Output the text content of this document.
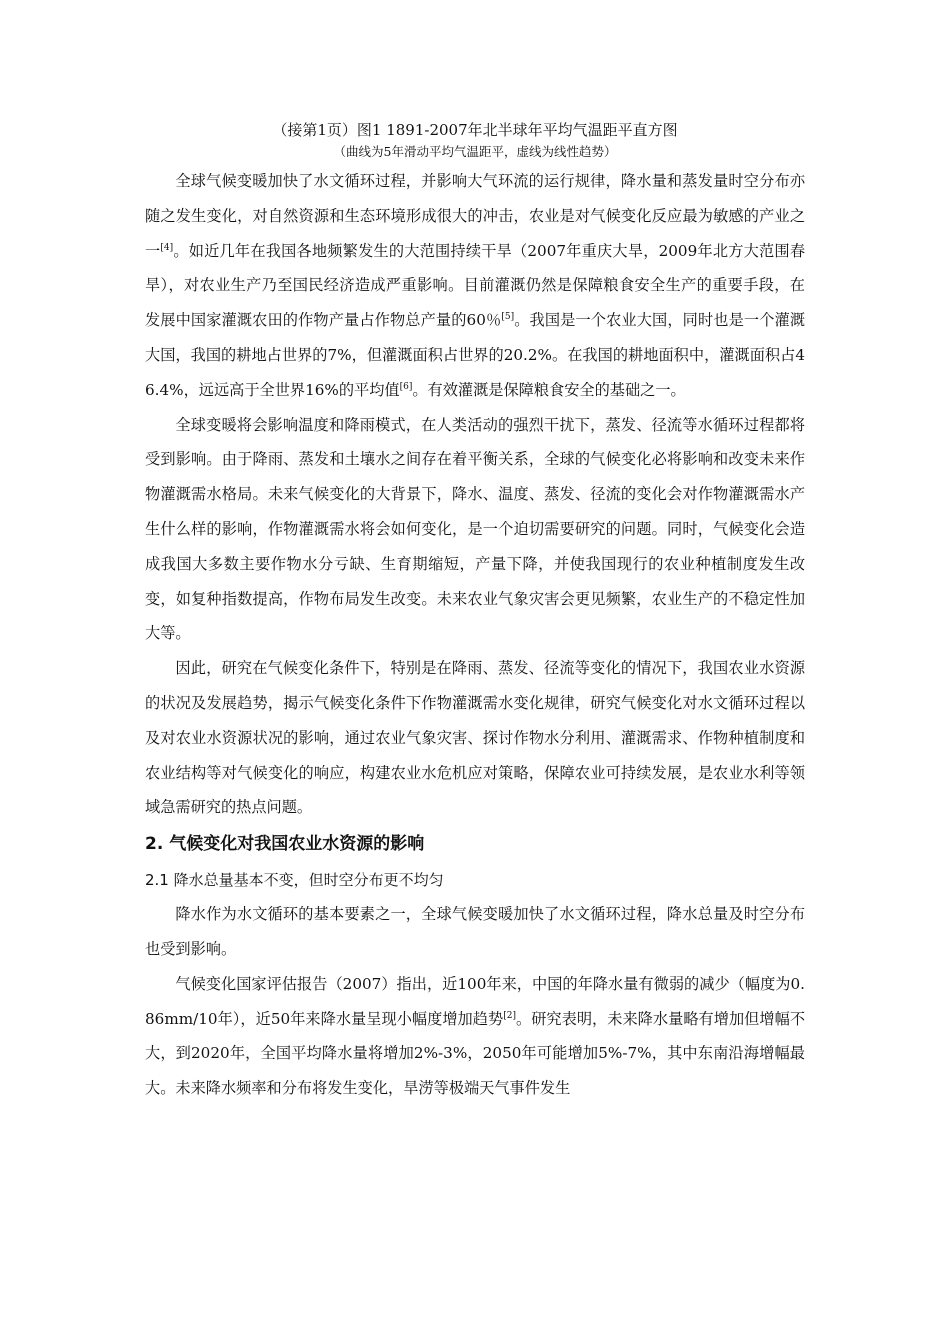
（接第1页）图1 1891-2007年北半球年平均气温距平直方图

（曲线为5年滑动平均气温距平，虚线为线性趋势）

全球气候变暖加快了水文循环过程，并影响大气环流的运行规律，降水量和蒸发量时空分布亦随之发生变化，对自然资源和生态环境形成很大的冲击，农业是对气候变化反应最为敏感的产业之一[4]。如近几年在我国各地频繁发生的大范围持续干旱（2007年重庆大旱，2009年北方大范围春旱），对农业生产乃至国民经济造成严重影响。目前灌溉仍然是保障粮食安全生产的重要手段，在发展中国家灌溉农田的作物产量占作物总产量的60％[5]。我国是一个农业大国，同时也是一个灌溉大国，我国的耕地占世界的7%，但灌溉面积占世界的20.2%。在我国的耕地面积中，灌溉面积占46.4%，远远高于全世界16%的平均值[6]。有效灌溉是保障粮食安全的基础之一。

全球变暖将会影响温度和降雨模式，在人类活动的强烈干扰下，蒸发、径流等水循环过程都将受到影响。由于降雨、蒸发和土壤水之间存在着平衡关系，全球的气候变化必将影响和改变未来作物灌溉需水格局。未来气候变化的大背景下，降水、温度、蒸发、径流的变化会对作物灌溉需水产生什么样的影响，作物灌溉需水将会如何变化，是一个迫切需要研究的问题。同时，气候变化会造成我国大多数主要作物水分亏缺、生育期缩短，产量下降，并使我国现行的农业种植制度发生改变，如复种指数提高，作物布局发生改变。未来农业气象灾害会更见频繁，农业生产的不稳定性加大等。

因此，研究在气候变化条件下，特别是在降雨、蒸发、径流等变化的情况下，我国农业水资源的状况及发展趋势，揭示气候变化条件下作物灌溉需水变化规律，研究气候变化对水文循环过程以及对农业水资源状况的影响，通过农业气象灾害、探讨作物水分利用、灌溉需求、作物种植制度和农业结构等对气候变化的响应，构建农业水危机应对策略，保障农业可持续发展，是农业水利等领域急需研究的热点问题。

2. 气候变化对我国农业水资源的影响
2.1 降水总量基本不变，但时空分布更不均匀

降水作为水文循环的基本要素之一，全球气候变暖加快了水文循环过程，降水总量及时空分布也受到影响。

气候变化国家评估报告（2007）指出，近100年来，中国的年降水量有微弱的减少（幅度为0.86mm/10年），近50年来降水量呈现小幅度增加趋势[2]。研究表明，未来降水量略有增加但增幅不大，到2020年，全国平均降水量将增加2%-3%，2050年可能增加5%-7%，其中东南沿海增幅最大。未来降水频率和分布将发生变化，旱涝等极端天气事件发生
